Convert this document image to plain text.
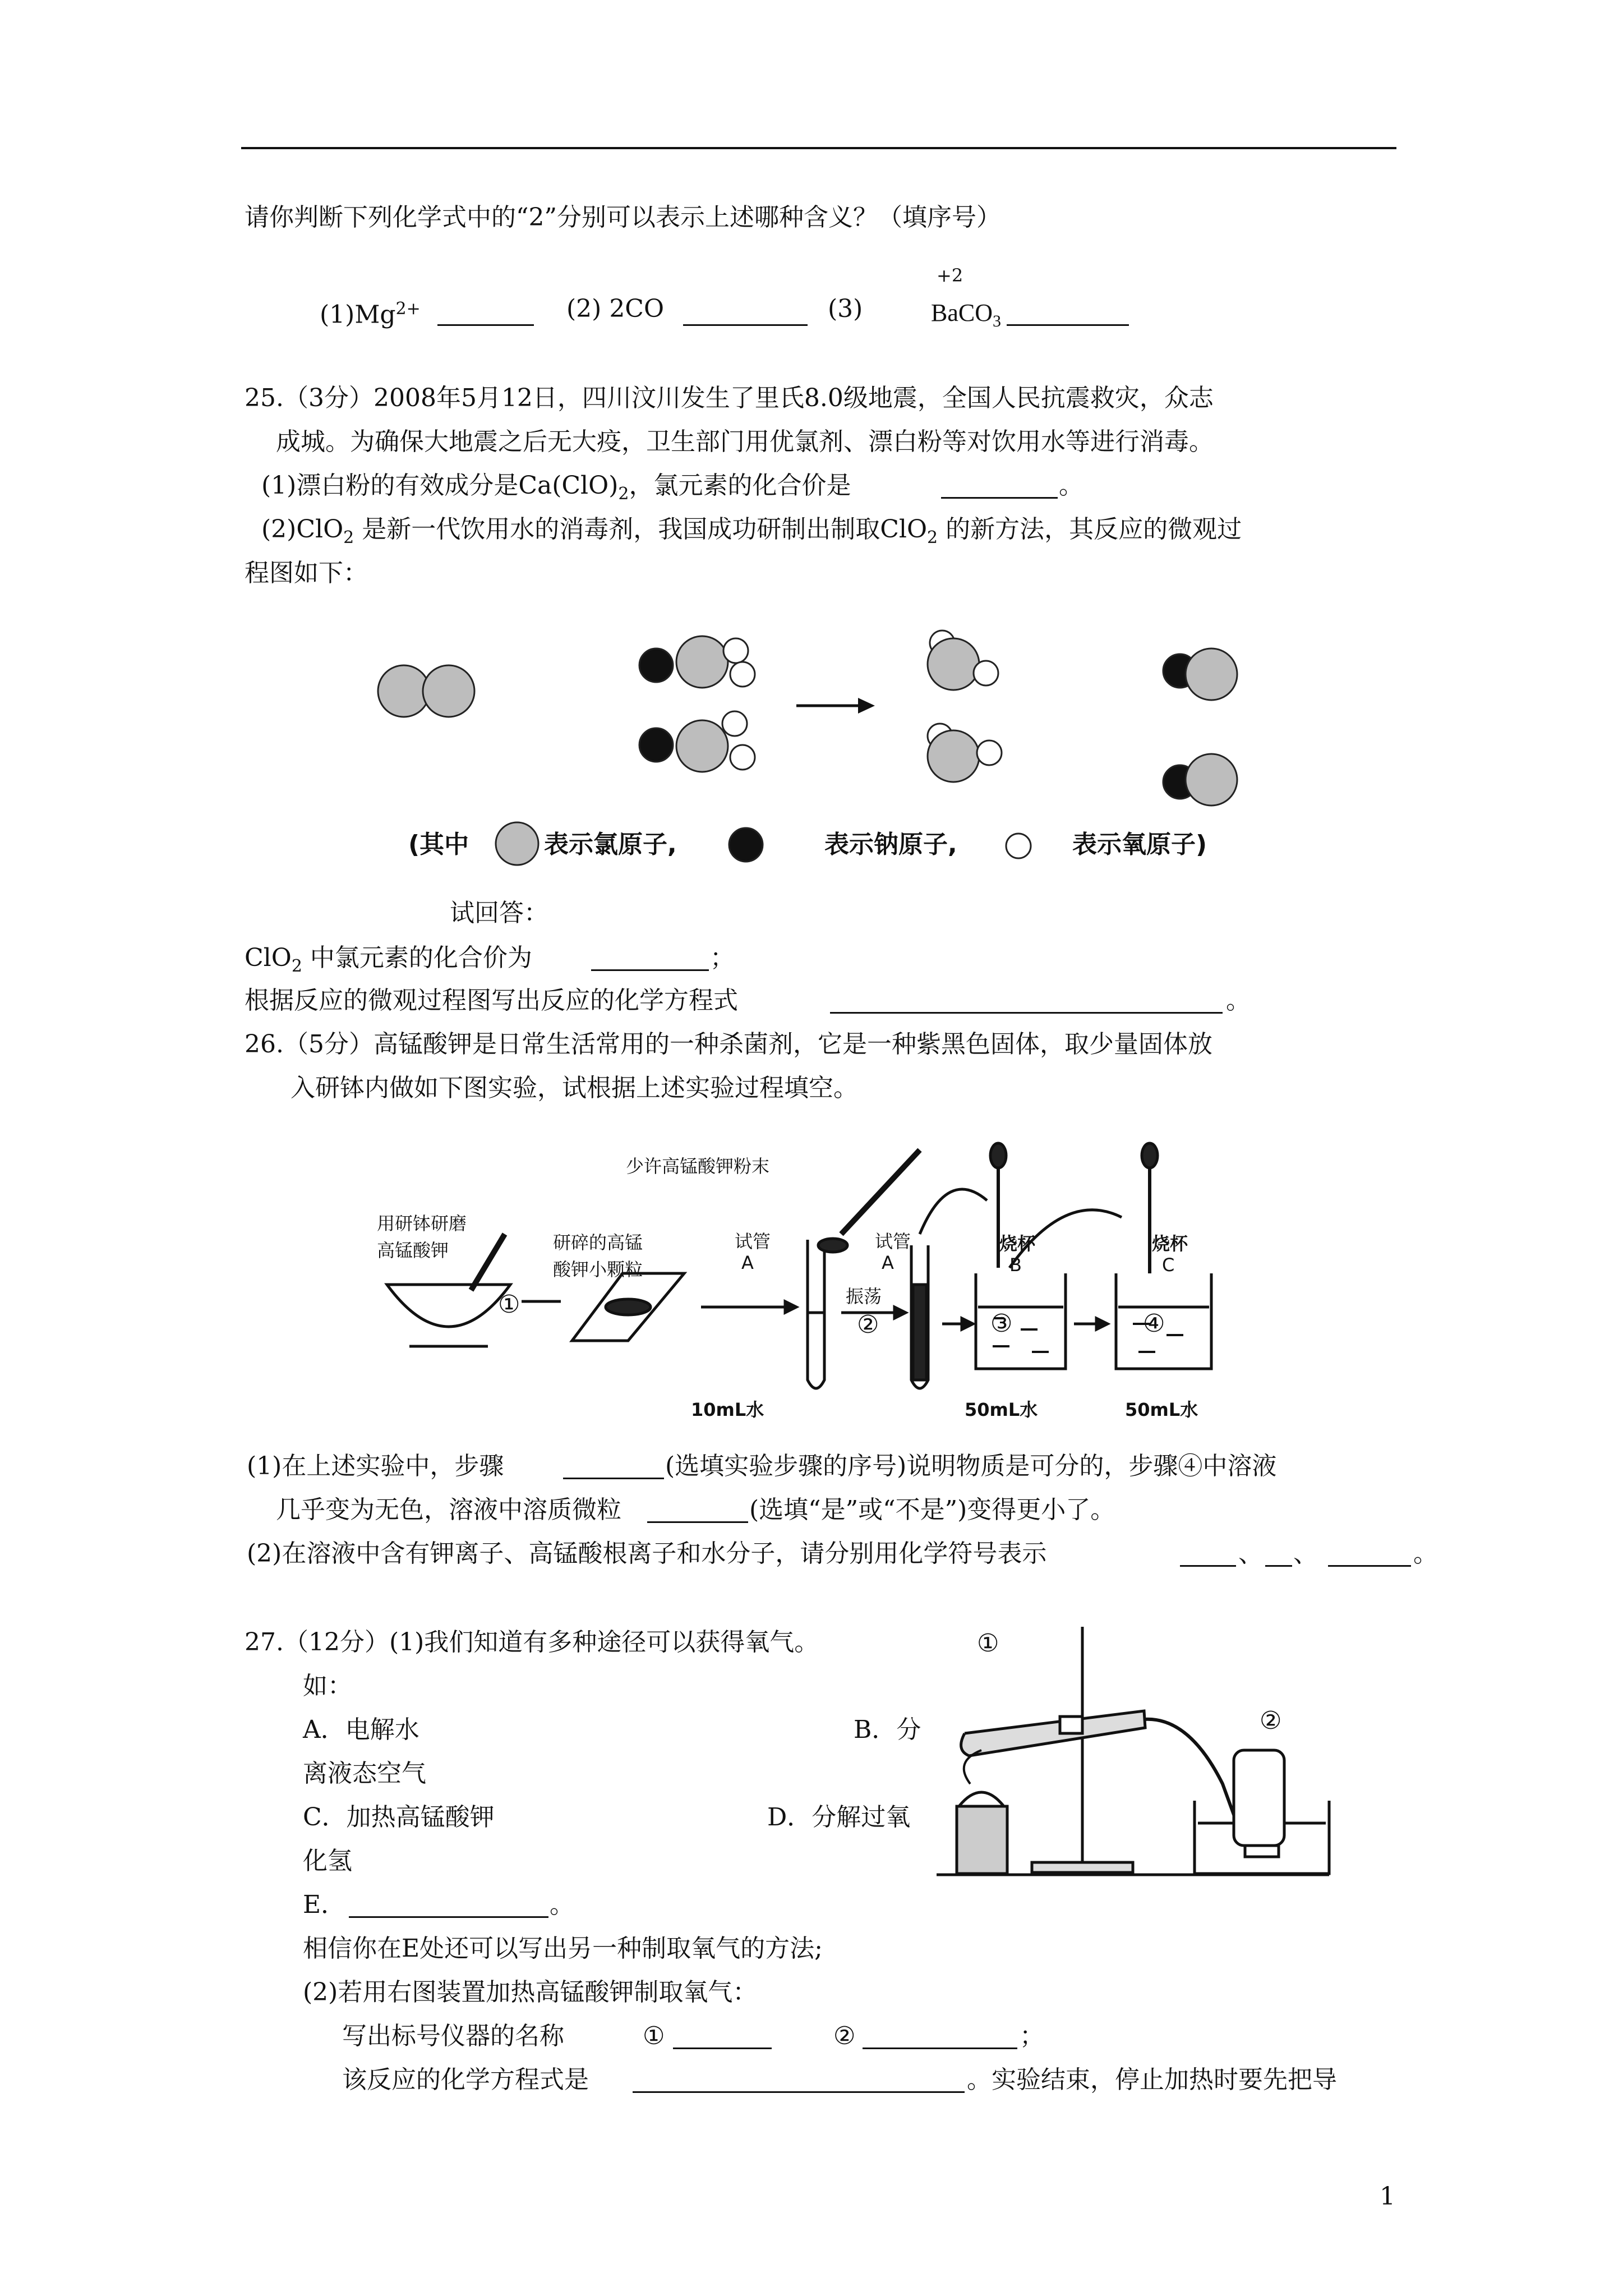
请你判断下列化学式中的“2”分别可以表示上述哪种含义？（填序号）
$(1)Mg^{2+}$	(2) 2CO	(3)
+2
BaCO$_3$
25.（3分）2008年5月12日，四川汶川发生了里氏8.0级地震，全国人民抗震救灾，众志
成城。为确保大地震之后无大疫，卫生部门用优氯剂、漂白粉等对饮用水等进行消毒。
(1)漂白粉的有效成分是$Ca(ClO)_2$，氯元素的化合价是	。
(2)ClO$_2$ 是新一代饮用水的消毒剂，我国成功研制出制取ClO$_2$ 的新方法，其反应的微观过
程图如下：
(其中	表示氯原子,	表示钠原子,	表示氧原子)
试回答：
ClO$_2$ 中氯元素的化合价为	；
根据反应的微观过程图写出反应的化学方程式	。
26.（5分）高锰酸钾是日常生活常用的一种杀菌剂，它是一种紫黑色固体，取少量固体放
入研钵内做如下图实验，试根据上述实验过程填空。
少许高锰酸钾粉末
用研钵研磨
高锰酸钾	研碎的高锰
酸钾小颗粒
试管
A
试管
A
振荡
烧杯
B
烧杯
C
①
②	③	④
10mL水	50mL水	50mL水
(1)在上述实验中，步骤	(选填实验步骤的序号)说明物质是可分的，步骤④中溶液
几乎变为无色，溶液中溶质微粒	(选填“是”或“不是”)变得更小了。
(2)在溶液中含有钾离子、高锰酸根离子和水分子，请分别用化学符号表示	、 、	。
27.（12分）(1)我们知道有多种途径可以获得氧气。
如：
A．电解水	B．分
离液态空气
C．加热高锰酸钾	D．分解过氧
化氢
E．	。
相信你在E处还可以写出另一种制取氧气的方法;
(2)若用右图装置加热高锰酸钾制取氧气：
写出标号仪器的名称	①	②	；
该反应的化学方程式是	。实验结束，停止加热时要先把导
①
②
1
